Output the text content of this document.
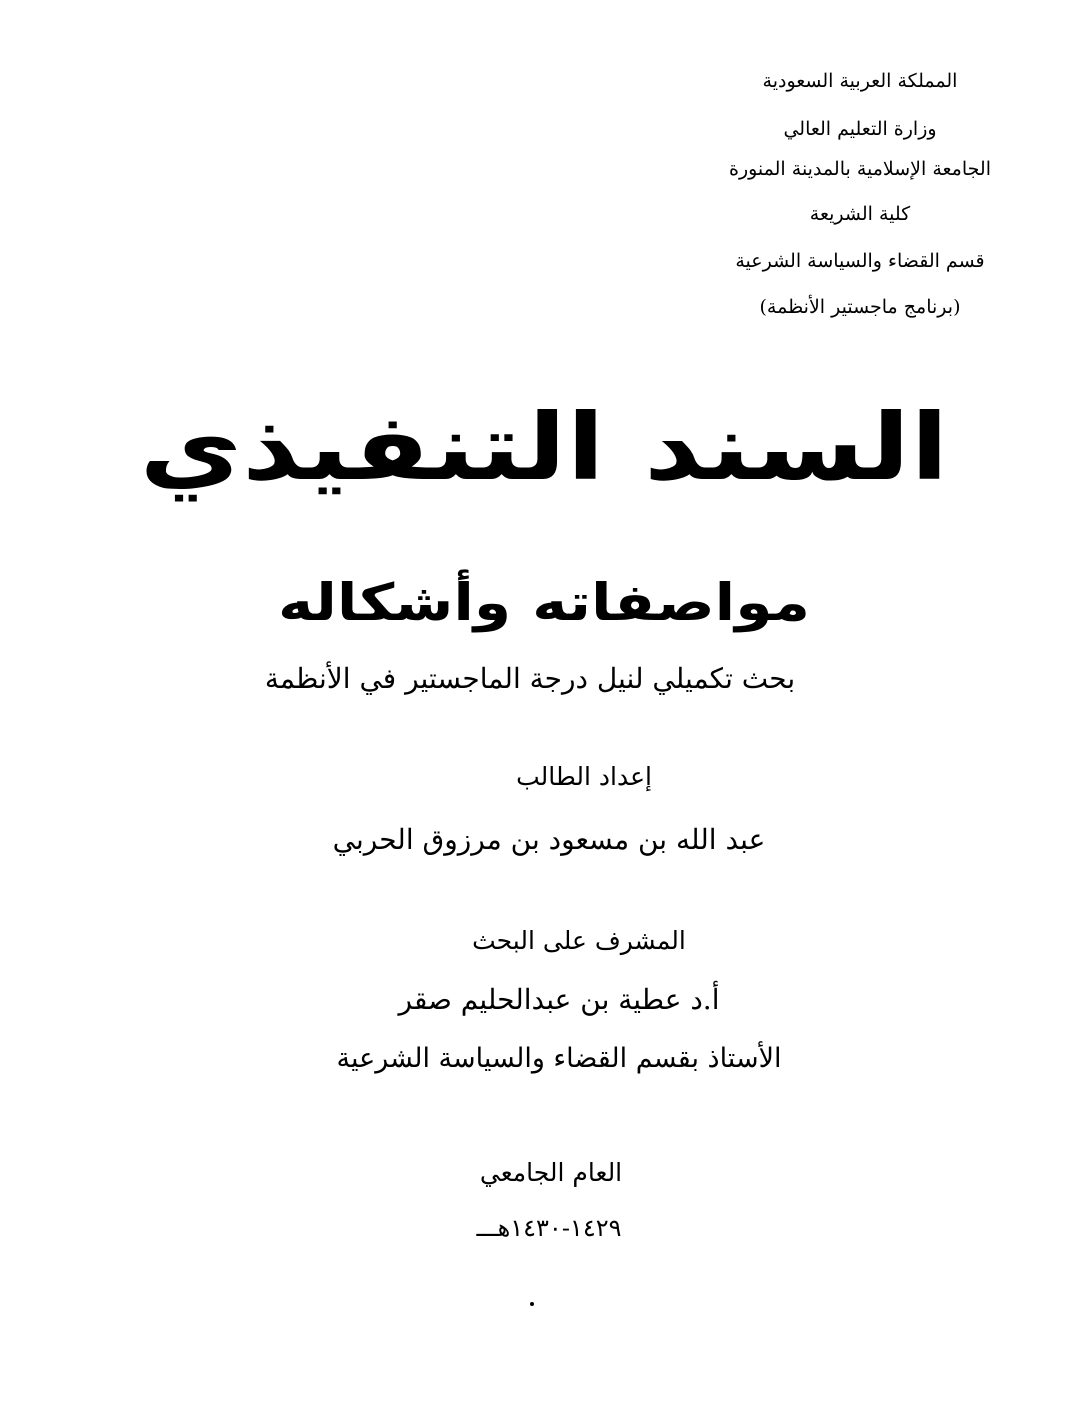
المملكة العربية السعودية
وزارة التعليم العالي
الجامعة الإسلامية بالمدينة المنورة
كلية الشريعة
قسم القضاء والسياسة الشرعية
(برنامج ماجستير الأنظمة)
السند التنفيذي
مواصفاته وأشكاله
بحث تكميلي لنيل درجة الماجستير في الأنظمة
إعداد الطالب
عبد الله بن مسعود بن مرزوق الحربي
المشرف على البحث
أ.د عطية بن عبدالحليم صقر
الأستاذ بقسم القضاء والسياسة الشرعية
العام الجامعي
١٤٢٩-١٤٣٠هـــ
